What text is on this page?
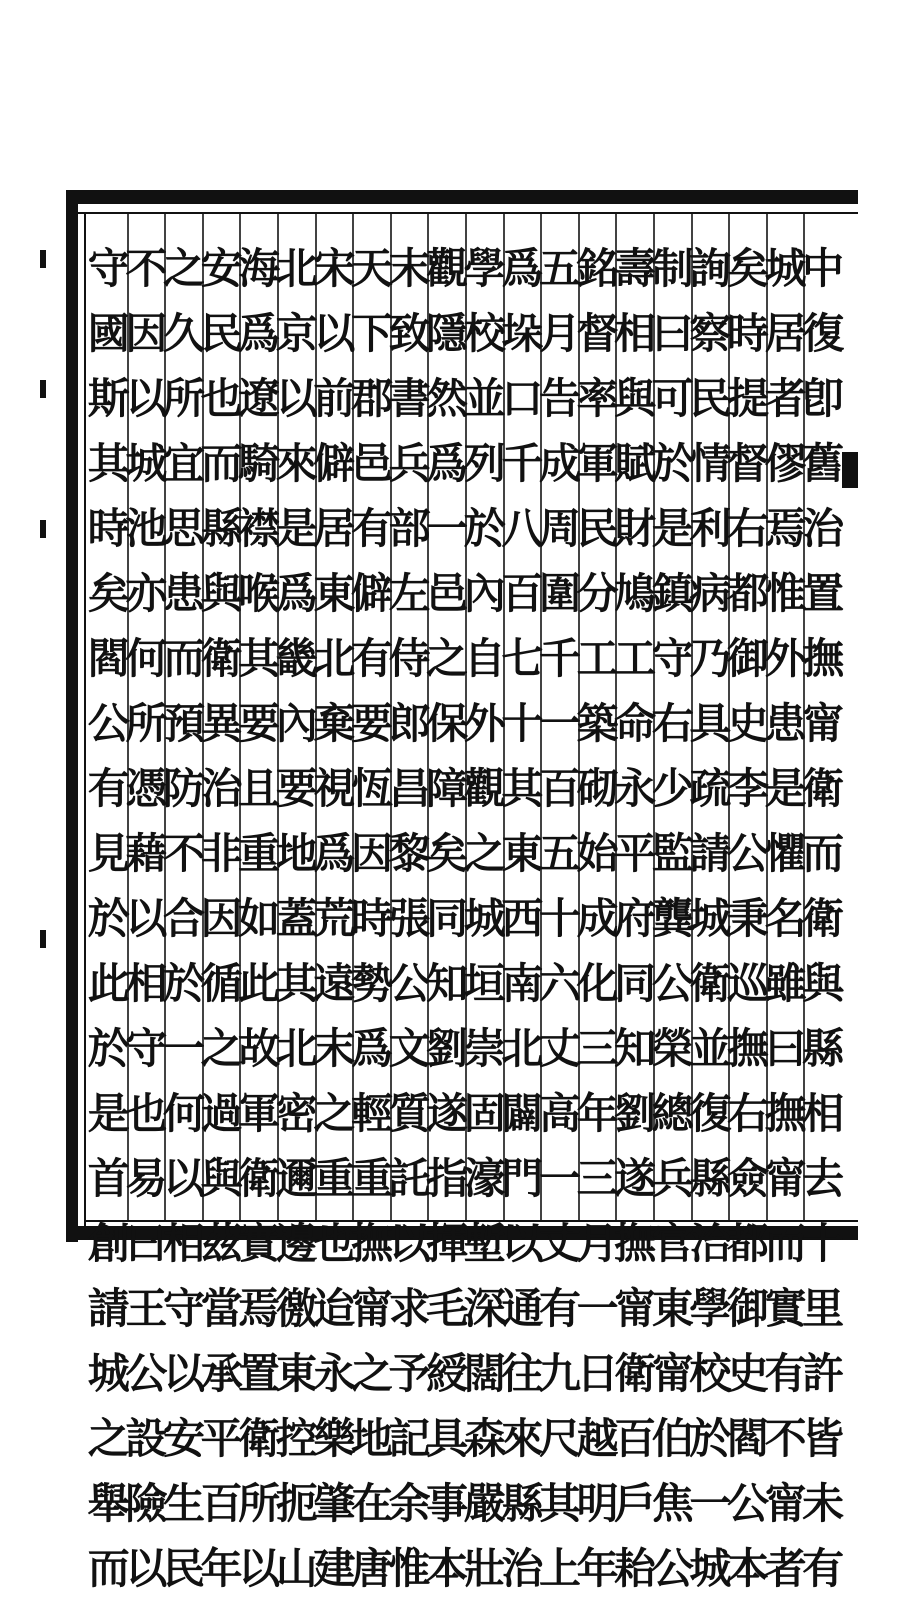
中
復
卽
舊
治
置
撫
甯
衛
而
衛
與
縣
相
去
十
里
許
皆
未
有
城
居
者
僇
焉
惟
外
患
是
懼
名
雖
曰
撫
甯
而
實
有
不
甯
者
矣
時
提
督
右
都
御
史
李
公
秉
巡
撫
右
僉
都
御
史
閻
公
本
詢
察
民
情
利
病
乃
具
疏
請
城
衛
並
復
縣
治
學
校
於
一
城
制
曰
可
於
是
鎮
守
右
少
監
龔
公
榮
總
兵
官
東
甯
伯
焦
公
壽
相
與
賦
財
鳩
工
命
永
平
府
同
知
劉
遂
撫
甯
衛
百
戶
耛
銘
督
率
軍
民
分
工
築
砌
始
成
化
三
年
三
月
一
日
越
明
年
五
月
告
成
周
圍
千
一
百
五
十
六
丈
高
一
丈
有
九
尺
其
上
爲
垛
口
千
八
百
七
十
其
東
西
南
北
闢
門
以
通
往
來
縣
治
學
校
並
列
於
內
自
外
觀
之
城
垣
崇
固
濠
塹
深
闊
森
嚴
壯
觀
隱
然
爲
一
邑
之
保
障
矣
同
知
劉
遂
指
揮
毛
綬
具
事
本
末
致
書
兵
部
左
侍
郎
昌
黎
張
公
文
質
託
以
求
予
記
余
惟
天
下
郡
邑
有
僻
有
要
恆
因
時
勢
爲
輕
重
撫
甯
之
地
在
唐
宋
以
前
僻
居
東
北
棄
視
爲
荒
遠
末
之
重
也
迨
永
樂
肇
建
北
京
以
來
是
爲
畿
內
要
地
蓋
其
北
密
邇
邊
徼
東
控
扼
山
海
爲
遼
騎
襟
喉
其
要
且
重
如
此
故
軍
衛
實
焉
置
衛
所
以
安
民
也
而
縣
與
衛
異
治
非
因
循
之
過
與
茲
當
承
平
百
年
之
久
所
宜
思
患
而
預
防
不
合
於
一
何
以
相
守
以
安
生
民
不
因
以
城
池
亦
何
所
憑
藉
以
相
守
也
易
曰
王
公
設
險
以
守
國
斯
其
時
矣
閻
公
有
見
於
此
於
是
首
創
請
城
之
舉
而
